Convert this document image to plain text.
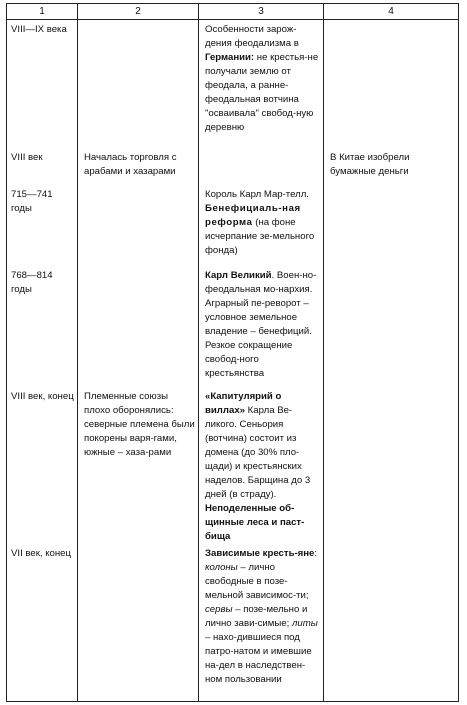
1	2	3	4
VIII—IX века		Особенности зарож-дения феодализма в Германии: не крестья-не получали землю от феодала, а ранне-феодальная вотчина "осваивала" свобод-ную деревню	
VIII век	Началась торговля с арабами и хазарами		В Китае изобрели бумажные деньги
715—741 годы		Король Карл Мар-телл. Бенефициаль-ная реформа (на фоне исчерпание зе-мельного фонда)	
768—814 годы		Карл Великий. Воен-но-феодальная мо-нархия. Аграрный пе-реворот – условное земельное владение – бенефиций. Резкое сокращение свобод-ного крестьянства	
VIII век, конец	Племенные союзы плохо оборонялись: северные племена были покорены варя-гами, южные – хаза-рами	«Капитулярий о виллах» Карла Ве-ликого. Сеньория (вотчина) состоит из домена (до 30% пло-щади) и крестьянских наделов. Барщина до 3 дней (в страду). Неподеленные об-щинные леса и паст-бища	
VII век, конец		Зависимые кресть-яне: колоны – лично свободные в позе-мельной зависимос-ти; сервы – позе-мельно и лично зави-симые; литы – нахо-дившиеся под патро-натом и имевшие на-дел в наследствен-ном пользовании	
